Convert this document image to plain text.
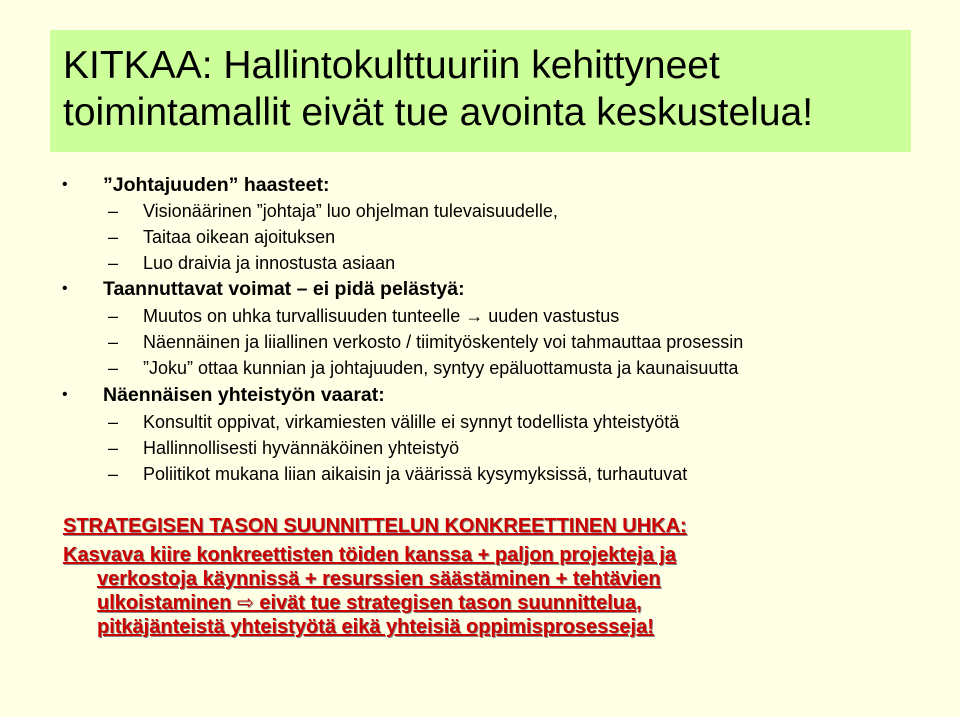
KITKAA: Hallintokulttuuriin kehittyneet
toimintamallit eivät tue avointa keskustelua!
• ”Johtajuuden” haasteet:
– Visionäärinen ”johtaja” luo ohjelman tulevaisuudelle,
– Taitaa oikean ajoituksen
– Luo draivia ja innostusta asiaan
• Taannuttavat voimat – ei pidä pelästyä:
– Muutos on uhka turvallisuuden tunteelle → uuden vastustus
– Näennäinen ja liiallinen verkosto / tiimityöskentely voi tahmauttaa prosessin
– ”Joku” ottaa kunnian ja johtajuuden, syntyy epäluottamusta ja kaunaisuutta
• Näennäisen yhteistyön vaarat:
– Konsultit oppivat, virkamiesten välille ei synnyt todellista yhteistyötä
– Hallinnollisesti hyvännäköinen yhteistyö
– Poliitikot mukana liian aikaisin ja väärissä kysymyksissä, turhautuvat
STRATEGISEN TASON SUUNNITTELUN KONKREETTINEN UHKA:
Kasvava kiire konkreettisten töiden kanssa + paljon projekteja ja
verkostoja käynnissä + resurssien säästäminen + tehtävien
ulkoistaminen ⇨ eivät tue strategisen tason suunnittelua,
pitkäjänteistä yhteistyötä eikä yhteisiä oppimisprosesseja!
